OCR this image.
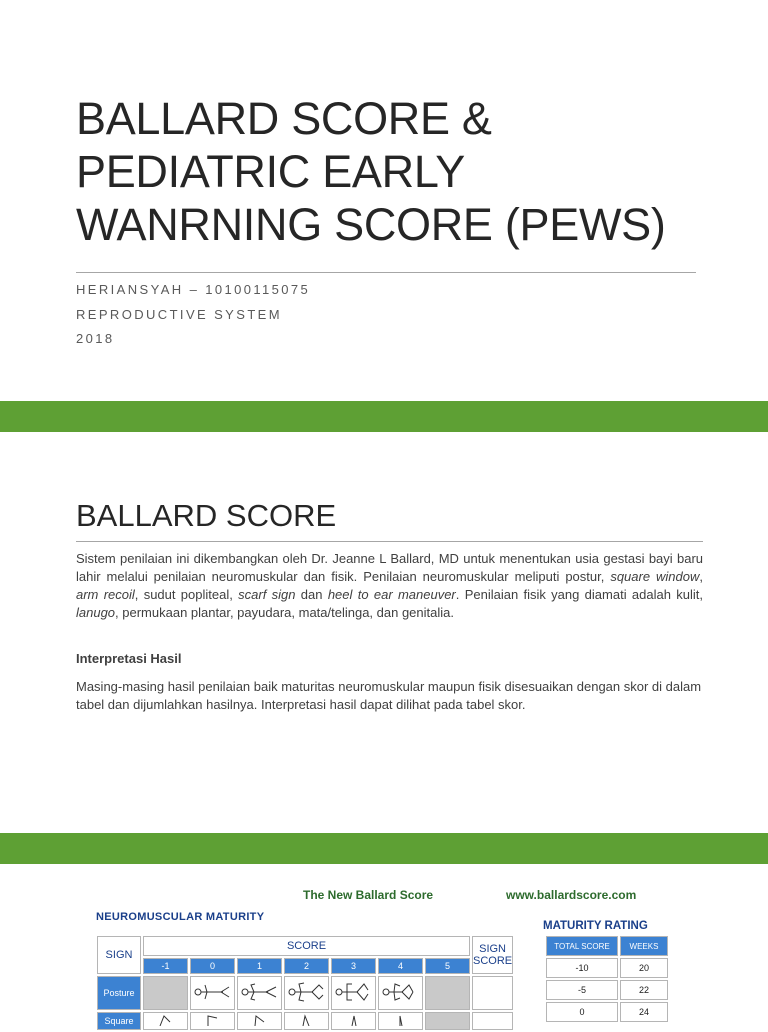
BALLARD SCORE &
PEDIATRIC EARLY
WANRNING SCORE (PEWS)
HERIANSYAH – 10100115075
REPRODUCTIVE SYSTEM
2018
BALLARD SCORE
Sistem penilaian ini dikembangkan oleh Dr. Jeanne L Ballard, MD untuk menentukan usia gestasi bayi baru lahir melalui penilaian neuromuskular dan fisik. Penilaian neuromuskular meliputi postur, square window, arm recoil, sudut popliteal, scarf sign dan heel to ear maneuver. Penilaian fisik yang diamati adalah kulit, lanugo, permukaan plantar, payudara, mata/telinga, dan genitalia.
Interpretasi Hasil
Masing-masing hasil penilaian baik maturitas neuromuskular maupun fisik disesuaikan dengan skor di dalam tabel dan dijumlahkan hasilnya. Interpretasi hasil dapat dilihat pada tabel skor.
The New Ballard Score	www.ballardscore.com
NEUROMUSCULAR MATURITY
MATURITY RATING
SIGN	SCORE							SIGN SCORE
	-1	0	1	2	3	4	5	
Posture								
Square								
TOTAL SCORE	WEEKS
-10	20
-5	22
0	24
